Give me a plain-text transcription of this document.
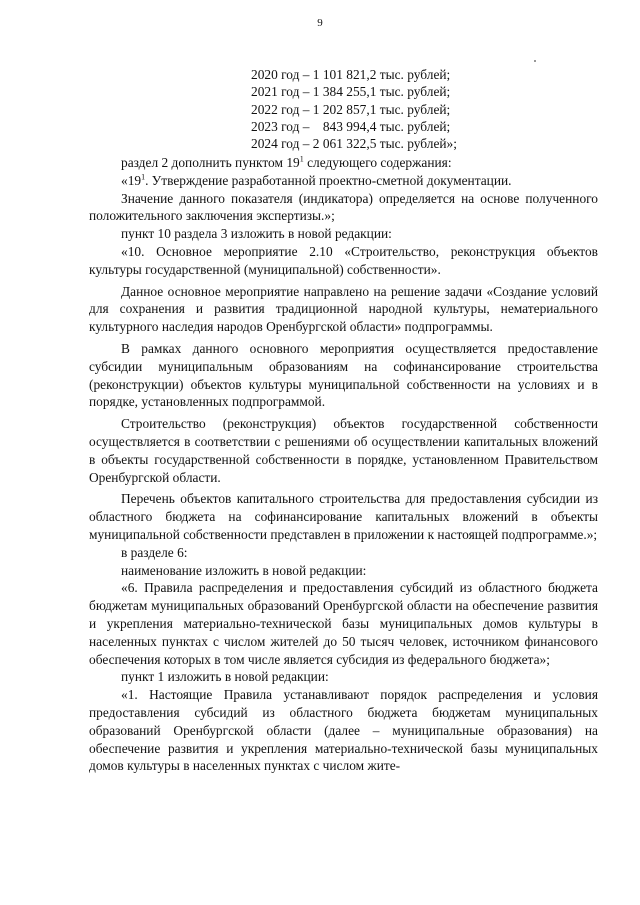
9
2020 год – 1 101 821,2 тыс. рублей;
2021 год – 1 384 255,1 тыс. рублей;
2022 год – 1 202 857,1 тыс. рублей;
2023 год –    843 994,4 тыс. рублей;
2024 год – 2 061 322,5 тыс. рублей»;
раздел 2 дополнить пунктом $19^1$ следующего содержания:
«$19^1$. Утверждение разработанной проектно-сметной документации.
Значение данного показателя (индикатора) определяется на основе полученного положительного заключения экспертизы.»;
пункт 10 раздела 3 изложить в новой редакции:
«10. Основное мероприятие 2.10 «Строительство, реконструкция объектов культуры государственной (муниципальной) собственности».
Данное основное мероприятие направлено на решение задачи «Создание условий для сохранения и развития традиционной народной культуры, нематериального культурного наследия народов Оренбургской области» подпрограммы.
В рамках данного основного мероприятия осуществляется предоставление субсидии муниципальным образованиям на софинансирование строительства (реконструкции) объектов культуры муниципальной собственности на условиях и в порядке, установленных подпрограммой.
Строительство (реконструкция) объектов государственной собственности осуществляется в соответствии с решениями об осуществлении капитальных вложений в объекты государственной собственности в порядке, установленном Правительством Оренбургской области.
Перечень объектов капитального строительства для предоставления субсидии из областного бюджета на софинансирование капитальных вложений в объекты муниципальной собственности представлен в приложении к настоящей подпрограмме.»;
в разделе 6:
наименование изложить в новой редакции:
«6. Правила распределения и предоставления субсидий из областного бюджета бюджетам муниципальных образований Оренбургской области на обеспечение развития и укрепления материально-технической базы муниципальных домов культуры в населенных пунктах с числом жителей до 50 тысяч человек, источником финансового обеспечения которых в том числе является субсидия из федерального бюджета»;
пункт 1 изложить в новой редакции:
«1. Настоящие Правила устанавливают порядок распределения и условия предоставления субсидий из областного бюджета бюджетам муниципальных образований Оренбургской области (далее – муниципальные образования) на обеспечение развития и укрепления материально-технической базы муниципальных домов культуры в населенных пунктах с числом жите-
